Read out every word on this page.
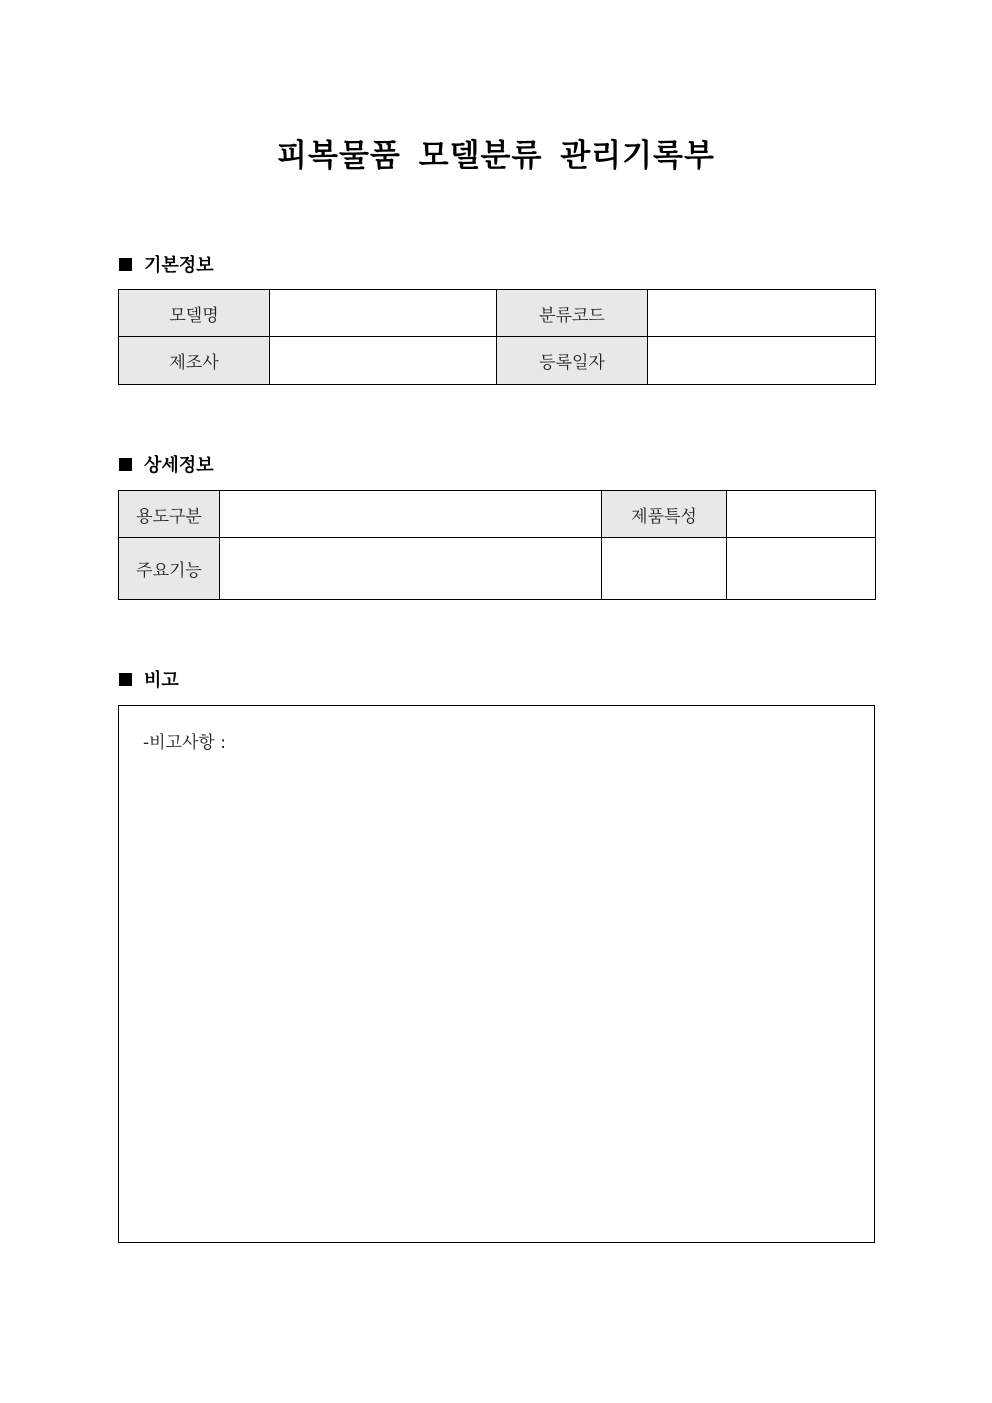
피복물품 모델분류 관리기록부
기본정보
모델명		분류코드	
제조사		등록일자	
상세정보
용도구분		제품특성	
주요기능			
비고
-비고사항 :
